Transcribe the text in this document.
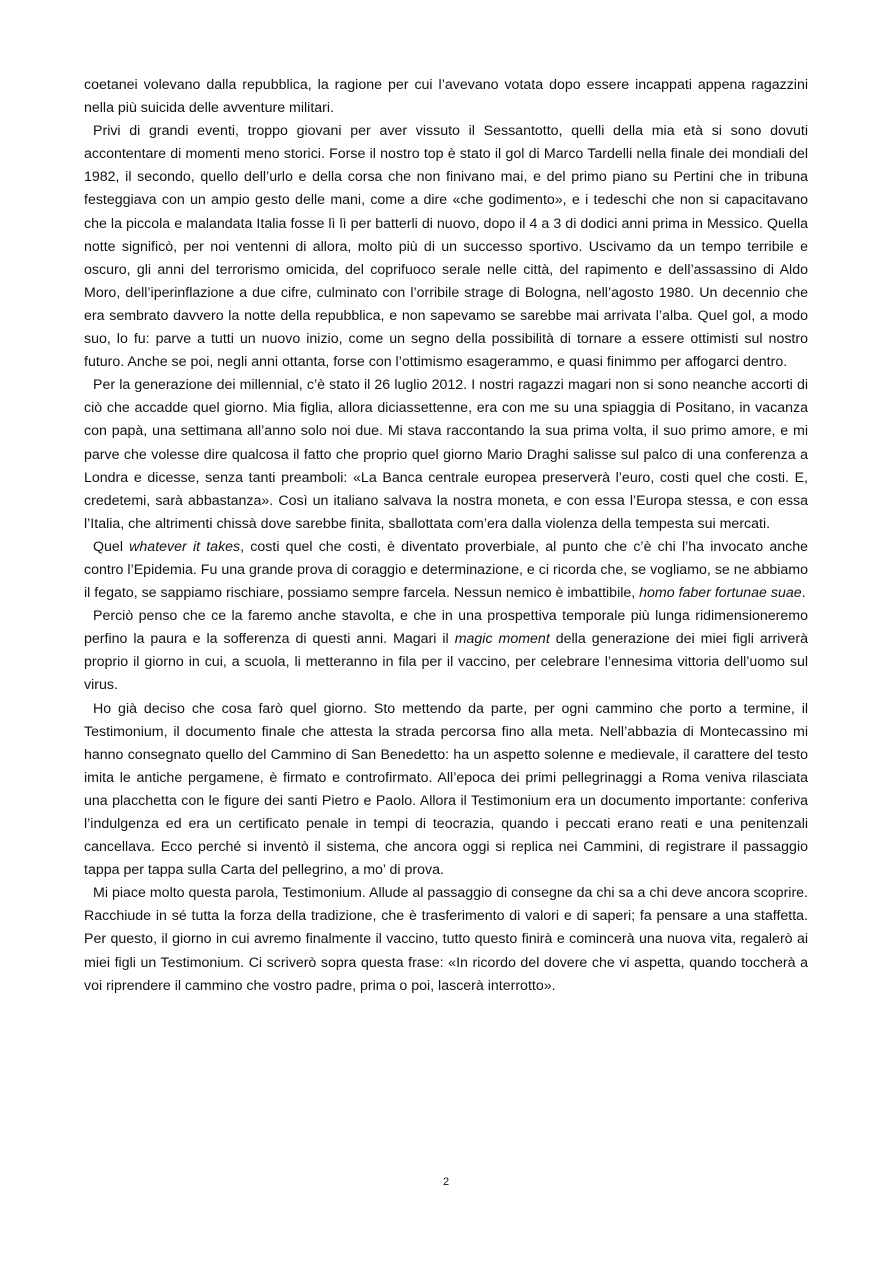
coetanei volevano dalla repubblica, la ragione per cui l’avevano votata dopo essere incappati appena ragazzini nella più suicida delle avventure militari.

Privi di grandi eventi, troppo giovani per aver vissuto il Sessantotto, quelli della mia età si sono dovuti accontentare di momenti meno storici. Forse il nostro top è stato il gol di Marco Tardelli nella finale dei mondiali del 1982, il secondo, quello dell’urlo e della corsa che non finivano mai, e del primo piano su Pertini che in tribuna festeggiava con un ampio gesto delle mani, come a dire «che godimento», e i tedeschi che non si capacitavano che la piccola e malandata Italia fosse lì lì per batterli di nuovo, dopo il 4 a 3 di dodici anni prima in Messico. Quella notte significò, per noi ventenni di allora, molto più di un successo sportivo. Uscivamo da un tempo terribile e oscuro, gli anni del terrorismo omicida, del coprifuoco serale nelle città, del rapimento e dell’assassino di Aldo Moro, dell’iperinflazione a due cifre, culminato con l’orribile strage di Bologna, nell’agosto 1980. Un decennio che era sembrato davvero la notte della repubblica, e non sapevamo se sarebbe mai arrivata l’alba. Quel gol, a modo suo, lo fu: parve a tutti un nuovo inizio, come un segno della possibilità di tornare a essere ottimisti sul nostro futuro. Anche se poi, negli anni ottanta, forse con l’ottimismo esagerammo, e quasi finimmo per affogarci dentro.

Per la generazione dei millennial, c’è stato il 26 luglio 2012. I nostri ragazzi magari non si sono neanche accorti di ciò che accadde quel giorno. Mia figlia, allora diciassettenne, era con me su una spiaggia di Positano, in vacanza con papà, una settimana all’anno solo noi due. Mi stava raccontando la sua prima volta, il suo primo amore, e mi parve che volesse dire qualcosa il fatto che proprio quel giorno Mario Draghi salisse sul palco di una conferenza a Londra e dicesse, senza tanti preamboli: «La Banca centrale europea preserverà l’euro, costi quel che costi. E, credetemi, sarà abbastanza». Così un italiano salvava la nostra moneta, e con essa l’Europa stessa, e con essa l’Italia, che altrimenti chissà dove sarebbe finita, sballottata com’era dalla violenza della tempesta sui mercati.

Quel whatever it takes, costi quel che costi, è diventato proverbiale, al punto che c’è chi l’ha invocato anche contro l’Epidemia. Fu una grande prova di coraggio e determinazione, e ci ricorda che, se vogliamo, se ne abbiamo il fegato, se sappiamo rischiare, possiamo sempre farcela. Nessun nemico è imbattibile, homo faber fortunae suae.

Perciò penso che ce la faremo anche stavolta, e che in una prospettiva temporale più lunga ridimensioneremo perfino la paura e la sofferenza di questi anni. Magari il magic moment della generazione dei miei figli arriverà proprio il giorno in cui, a scuola, li metteranno in fila per il vaccino, per celebrare l’ennesima vittoria dell’uomo sul virus.

Ho già deciso che cosa farò quel giorno. Sto mettendo da parte, per ogni cammino che porto a termine, il Testimonium, il documento finale che attesta la strada percorsa fino alla meta. Nell’abbazia di Montecassino mi hanno consegnato quello del Cammino di San Benedetto: ha un aspetto solenne e medievale, il carattere del testo imita le antiche pergamene, è firmato e controfirmato. All’epoca dei primi pellegrinaggi a Roma veniva rilasciata una placchetta con le figure dei santi Pietro e Paolo. Allora il Testimonium era un documento importante: conferiva l’indulgenza ed era un certificato penale in tempi di teocrazia, quando i peccati erano reati e una penitenzali cancellava. Ecco perché si inventò il sistema, che ancora oggi si replica nei Cammini, di registrare il passaggio tappa per tappa sulla Carta del pellegrino, a mo’ di prova.

Mi piace molto questa parola, Testimonium. Allude al passaggio di consegne da chi sa a chi deve ancora scoprire. Racchiude in sé tutta la forza della tradizione, che è trasferimento di valori e di saperi; fa pensare a una staffetta. Per questo, il giorno in cui avremo finalmente il vaccino, tutto questo finirà e comincerà una nuova vita, regalerò ai miei figli un Testimonium. Ci scriverò sopra questa frase: «In ricordo del dovere che vi aspetta, quando toccherà a voi riprendere il cammino che vostro padre, prima o poi, lascerà interrotto».

2
